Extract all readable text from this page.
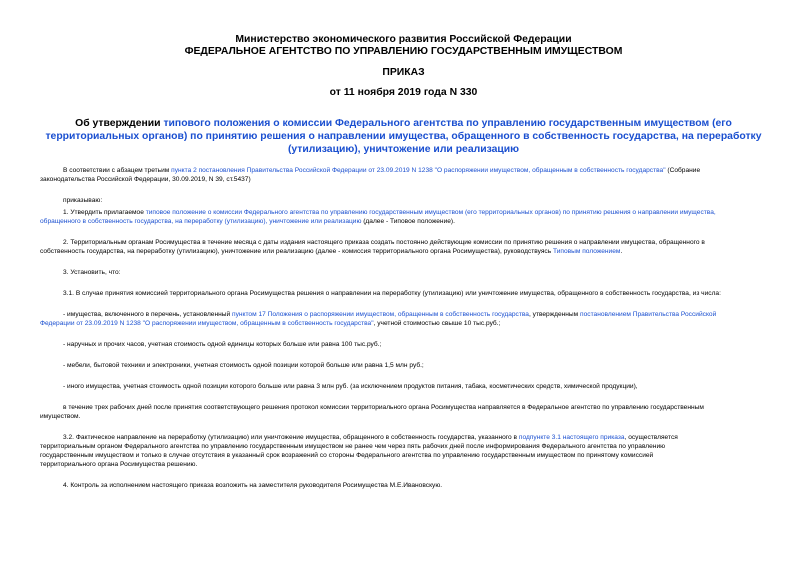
Министерство экономического развития Российской Федерации
ФЕДЕРАЛЬНОЕ АГЕНТСТВО ПО УПРАВЛЕНИЮ ГОСУДАРСТВЕННЫМ ИМУЩЕСТВОМ
ПРИКАЗ
от 11 ноября 2019 года N 330
Об утверждении типового положения о комиссии Федерального агентства по управлению государственным имуществом (его территориальных органов) по принятию решения о направлении имущества, обращенного в собственность государства, на переработку (утилизацию), уничтожение или реализацию
В соответствии с абзацем третьим пункта 2 постановления Правительства Российской Федерации от 23.09.2019 N 1238 "О распоряжении имуществом, обращенным в собственность государства" (Собрание
законодательства Российской Федерации, 30.09.2019, N 39, ст.5437)
приказываю:
1. Утвердить прилагаемое типовое положение о комиссии Федерального агентства по управлению государственным имуществом (его территориальных органов) по принятию решения о направлении имущества,
обращенного в собственность государства, на переработку (утилизацию), уничтожение или реализацию (далее - Типовое положение).
2. Территориальным органам Росимущества в течение месяца с даты издания настоящего приказа создать постоянно действующие комиссии по принятию решения о направлении имущества, обращенного в
собственность государства, на переработку (утилизацию), уничтожение или реализацию (далее - комиссия территориального органа Росимущества), руководствуясь Типовым положением.
3. Установить, что:
3.1. В случае принятия комиссией территориального органа Росимущества решения о направлении на переработку (утилизацию) или уничтожение имущества, обращенного в собственность государства, из числа:
- имущества, включенного в перечень, установленный пунктом 17 Положения о распоряжении имуществом, обращенным в собственность государства, утвержденным постановлением Правительства Российской
Федерации от 23.09.2019 N 1238 "О распоряжении имуществом, обращенным в собственность государства", учетной стоимостью свыше 10 тыс.руб.;
- наручных и прочих часов, учетная стоимость одной единицы которых больше или равна 100 тыс.руб.;
- мебели, бытовой техники и электроники, учетная стоимость одной позиции которой больше или равна 1,5 млн руб.;
- иного имущества, учетная стоимость одной позиции которого больше или равна 3 млн руб. (за исключением продуктов питания, табака, косметических средств, химической продукции),
в течение трех рабочих дней после принятия соответствующего решения протокол комиссии территориального органа Росимущества направляется в Федеральное агентство по управлению государственным
имуществом.
3.2. Фактическое направление на переработку (утилизацию) или уничтожение имущества, обращенного в собственность государства, указанного в подпункте 3.1 настоящего приказа, осуществляется
территориальным органом Федерального агентства по управлению государственным имуществом не ранее чем через пять рабочих дней после информирования Федерального агентства по управлению
государственным имуществом и только в случае отсутствия в указанный срок возражений со стороны Федерального агентства по управлению государственным имуществом по принятому комиссией
территориального органа Росимущества решению.
4. Контроль за исполнением настоящего приказа возложить на заместителя руководителя Росимущества М.Е.Ивановскую.
